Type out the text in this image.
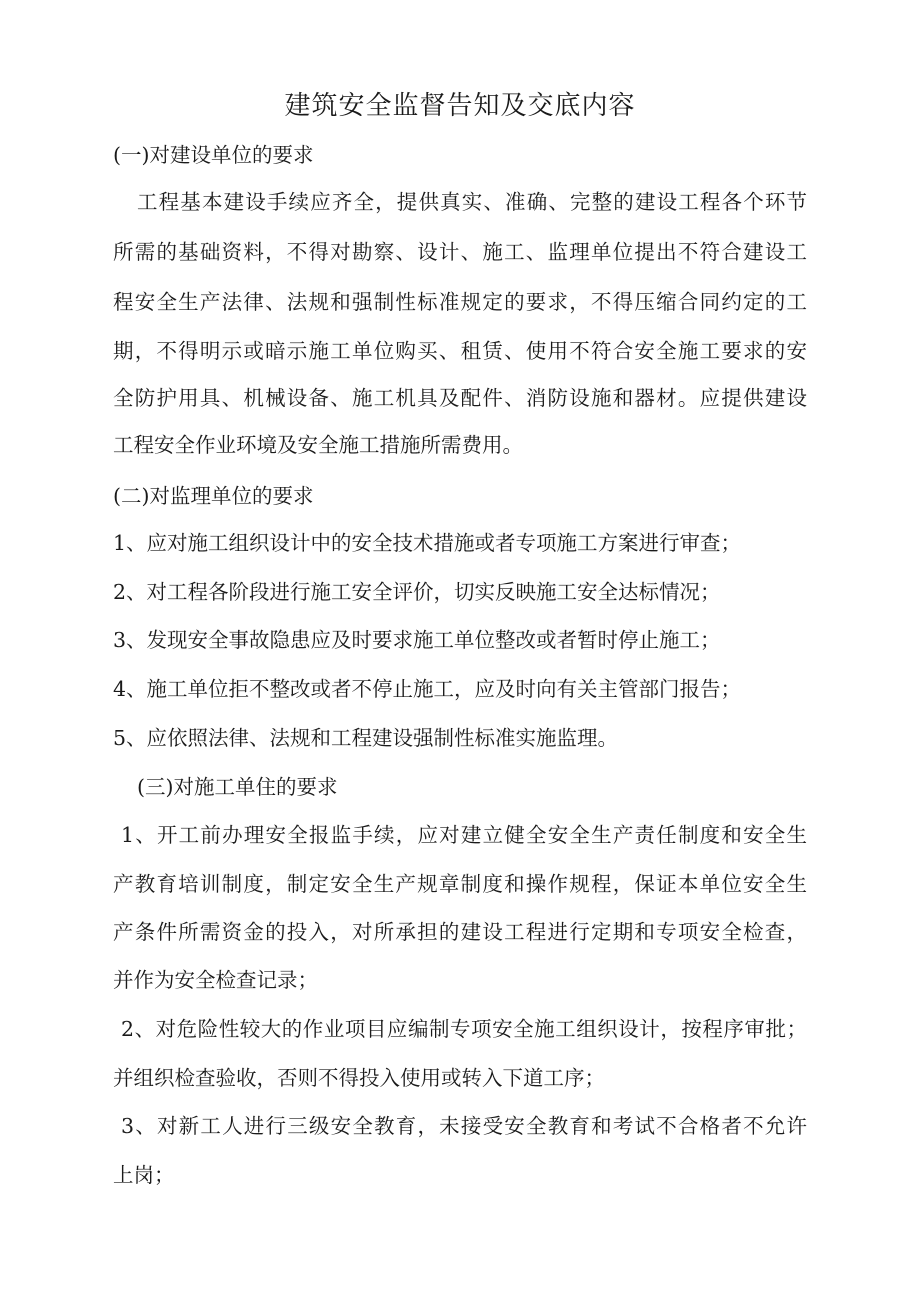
建筑安全监督告知及交底内容
(一)对建设单位的要求
工程基本建设手续应齐全，提供真实、准确、完整的建设工程各个环节
所需的基础资料，不得对勘察、设计、施工、监理单位提出不符合建设工
程安全生产法律、法规和强制性标准规定的要求，不得压缩合同约定的工
期，不得明示或暗示施工单位购买、租赁、使用不符合安全施工要求的安
全防护用具、机械设备、施工机具及配件、消防设施和器材。应提供建设
工程安全作业环境及安全施工措施所需费用。
(二)对监理单位的要求
1、应对施工组织设计中的安全技术措施或者专项施工方案进行审查；
2、对工程各阶段进行施工安全评价，切实反映施工安全达标情况；
3、发现安全事故隐患应及时要求施工单位整改或者暂时停止施工；
4、施工单位拒不整改或者不停止施工，应及时向有关主管部门报告；
5、应依照法律、法规和工程建设强制性标准实施监理。
(三)对施工单住的要求
1、开工前办理安全报监手续，应对建立健全安全生产责任制度和安全生
产教育培训制度，制定安全生产规章制度和操作规程，保证本单位安全生
产条件所需资金的投入，对所承担的建设工程进行定期和专项安全检查，
并作为安全检查记录；
2、对危险性较大的作业项目应编制专项安全施工组织设计，按程序审批；
并组织检查验收，否则不得投入使用或转入下道工序；
3、对新工人进行三级安全教育，未接受安全教育和考试不合格者不允许
上岗；
